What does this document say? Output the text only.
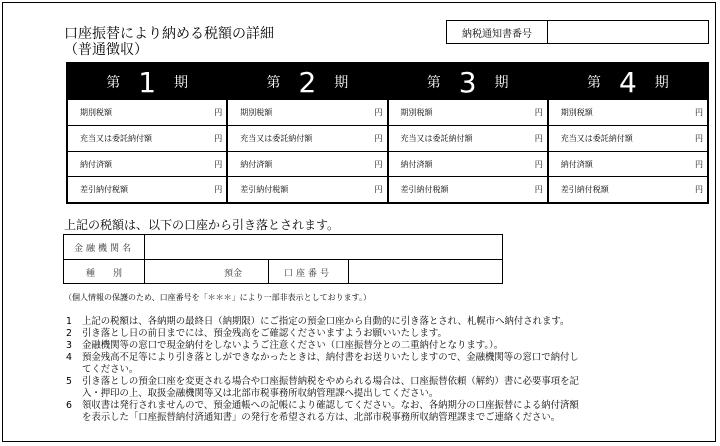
口座振替により納める税額の詳細
（普通徴収）
納税通知書番号
第 1 期
期別税額	円
充当又は委託納付額	円
納付済額	円
差引納付税額	円
第 2 期
期別税額	円
充当又は委託納付額	円
納付済額	円
差引納付税額	円
第 3 期
期別税額	円
充当又は委託納付額	円
納付済額	円
差引納付税額	円
第 4 期
期別税額	円
充当又は委託納付額	円
納付済額	円
差引納付税額	円
上記の税額は、以下の口座から引き落とされます。
金融機関名
種　　別	預金	口座番号
（個人情報の保護のため、口座番号を「＊＊＊」により一部非表示としております。）
1	上記の税額は、各納期の最終日（納期限）にご指定の預金口座から自動的に引き落とされ、札幌市へ納付されます。
2	引き落とし日の前日までには、預金残高をご確認くださいますようお願いいたします。
3	金融機関等の窓口で現金納付をしないようご注意ください（口座振替分との二重納付となります。）。
4	預金残高不足等により引き落としができなかったときは、納付書をお送りいたしますので、金融機関等の窓口で納付し
てください。
5	引き落としの預金口座を変更される場合や口座振替納税をやめられる場合は、口座振替依頼（解約）書に必要事項を記
入・押印の上、取扱金融機関等又は北部市税事務所収納管理課へ提出してください。
6	領収書は発行されませんので、預金通帳への記帳により確認してください。なお、各納期分の口座振替による納付済額
を表示した「口座振替納付済通知書」の発行を希望される方は、北部市税事務所収納管理課までご連絡ください。
